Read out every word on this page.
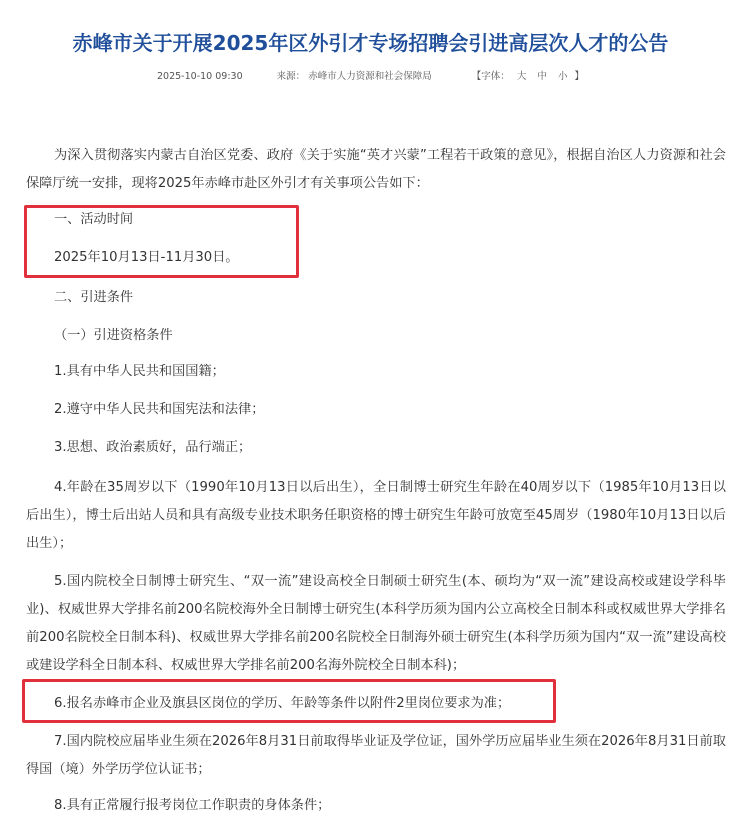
赤峰市关于开展2025年区外引才专场招聘会引进高层次人才的公告
2025-10-10 09:30	来源： 赤峰市人力资源和社会保障局	【字体： 大 中 小 】

为深入贯彻落实内蒙古自治区党委、政府《关于实施“英才兴蒙”工程若干政策的意见》，根据自治区人力资源和社会保障厅统一安排，现将2025年赤峰市赴区外引才有关事项公告如下：

一、活动时间

2025年10月13日-11月30日。

二、引进条件

（一）引进资格条件

1.具有中华人民共和国国籍；

2.遵守中华人民共和国宪法和法律；

3.思想、政治素质好，品行端正；

4.年龄在35周岁以下（1990年10月13日以后出生），全日制博士研究生年龄在40周岁以下（1985年10月13日以后出生），博士后出站人员和具有高级专业技术职务任职资格的博士研究生年龄可放宽至45周岁（1980年10月13日以后出生）；

5.国内院校全日制博士研究生、“双一流”建设高校全日制硕士研究生(本、硕均为“双一流”建设高校或建设学科毕业)、权威世界大学排名前200名院校海外全日制博士研究生(本科学历须为国内公立高校全日制本科或权威世界大学排名前200名院校全日制本科)、权威世界大学排名前200名院校全日制海外硕士研究生(本科学历须为国内“双一流”建设高校或建设学科全日制本科、权威世界大学排名前200名海外院校全日制本科)；

6.报名赤峰市企业及旗县区岗位的学历、年龄等条件以附件2里岗位要求为准；

7.国内院校应届毕业生须在2026年8月31日前取得毕业证及学位证，国外学历应届毕业生须在2026年8月31日前取得国（境）外学历学位认证书；

8.具有正常履行报考岗位工作职责的身体条件；
